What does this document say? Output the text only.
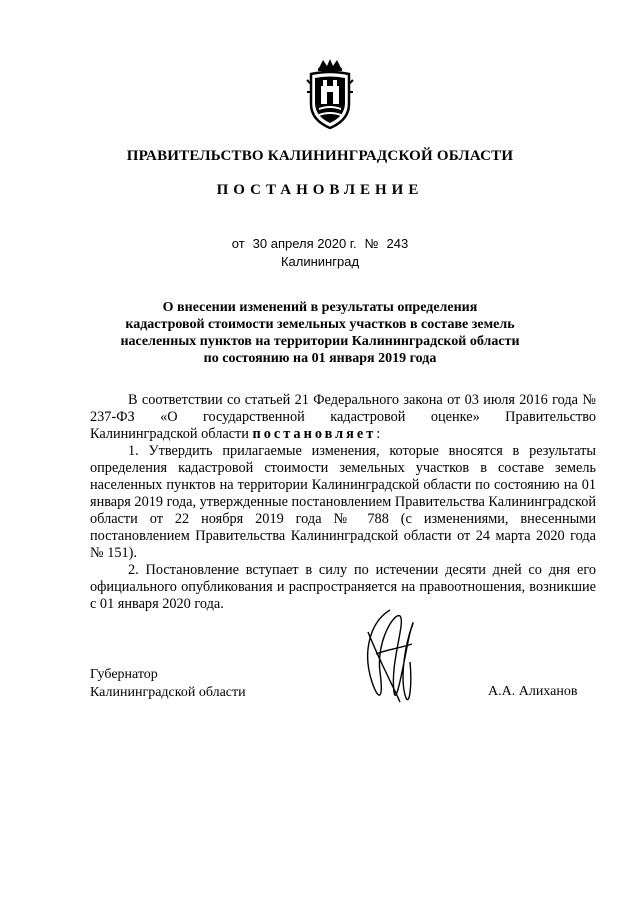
ПРАВИТЕЛЬСТВО КАЛИНИНГРАДСКОЙ ОБЛАСТИ
ПОСТАНОВЛЕНИЕ
от 30 апреля 2020 г. № 243
Калининград
О внесении изменений в результаты определения
кадастровой стоимости земельных участков в составе земель
населенных пунктов на территории Калининградской области
по состоянию на 01 января 2019 года

В соответствии со статьей 21 Федерального закона от 03 июля 2016 года № 237-ФЗ «О государственной кадастровой оценке» Правительство Калининградской области постановляет:

1. Утвердить прилагаемые изменения, которые вносятся в результаты определения кадастровой стоимости земельных участков в составе земель населенных пунктов на территории Калининградской области по состоянию на 01 января 2019 года, утвержденные постановлением Правительства Калининградской области от 22 ноября 2019 года № 788 (с изменениями, внесенными постановлением Правительства Калининградской области от 24 марта 2020 года № 151).

2. Постановление вступает в силу по истечении десяти дней со дня его официального опубликования и распространяется на правоотношения, возникшие с 01 января 2020 года.

Губернатор
Калининградской области	А.А. Алиханов
